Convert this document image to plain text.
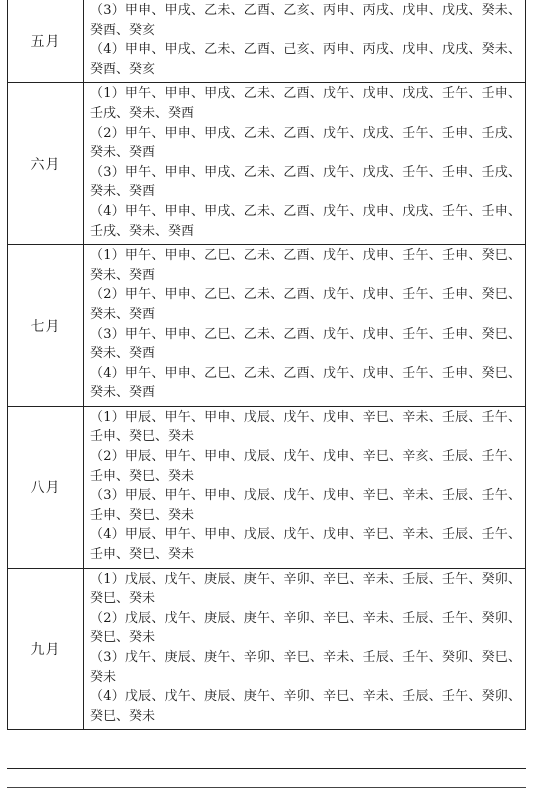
五月	（3）甲申、甲戌、乙未、乙酉、乙亥、丙申、丙戌、戊申、戊戌、癸未、癸酉、癸亥

（4）甲申、甲戌、乙未、乙酉、己亥、丙申、丙戌、戊申、戊戌、癸未、癸酉、癸亥

六月	（1）甲午、甲申、甲戌、乙未、乙酉、戊午、戊申、戊戌、壬午、壬申、壬戌、癸未、癸酉

（2）甲午、甲申、甲戌、乙未、乙酉、戊午、戊戌、壬午、壬申、壬戌、癸未、癸酉

（3）甲午、甲申、甲戌、乙未、乙酉、戊午、戊戌、壬午、壬申、壬戌、癸未、癸酉

（4）甲午、甲申、甲戌、乙未、乙酉、戊午、戊申、戊戌、壬午、壬申、壬戌、癸未、癸酉

七月	（1）甲午、甲申、乙巳、乙未、乙酉、戊午、戊申、壬午、壬申、癸巳、癸未、癸酉

（2）甲午、甲申、乙巳、乙未、乙酉、戊午、戊申、壬午、壬申、癸巳、癸未、癸酉

（3）甲午、甲申、乙巳、乙未、乙酉、戊午、戊申、壬午、壬申、癸巳、癸未、癸酉

（4）甲午、甲申、乙巳、乙未、乙酉、戊午、戊申、壬午、壬申、癸巳、癸未、癸酉

八月	（1）甲辰、甲午、甲申、戊辰、戊午、戊申、辛巳、辛未、壬辰、壬午、壬申、癸巳、癸未

（2）甲辰、甲午、甲申、戊辰、戊午、戊申、辛巳、辛亥、壬辰、壬午、壬申、癸巳、癸未

（3）甲辰、甲午、甲申、戊辰、戊午、戊申、辛巳、辛未、壬辰、壬午、壬申、癸巳、癸未

（4）甲辰、甲午、甲申、戊辰、戊午、戊申、辛巳、辛未、壬辰、壬午、壬申、癸巳、癸未

九月	（1）戊辰、戊午、庚辰、庚午、辛卯、辛巳、辛未、壬辰、壬午、癸卯、癸巳、癸未

（2）戊辰、戊午、庚辰、庚午、辛卯、辛巳、辛未、壬辰、壬午、癸卯、癸巳、癸未

（3）戊午、庚辰、庚午、辛卯、辛巳、辛未、壬辰、壬午、癸卯、癸巳、癸未

（4）戊辰、戊午、庚辰、庚午、辛卯、辛巳、辛未、壬辰、壬午、癸卯、癸巳、癸未
